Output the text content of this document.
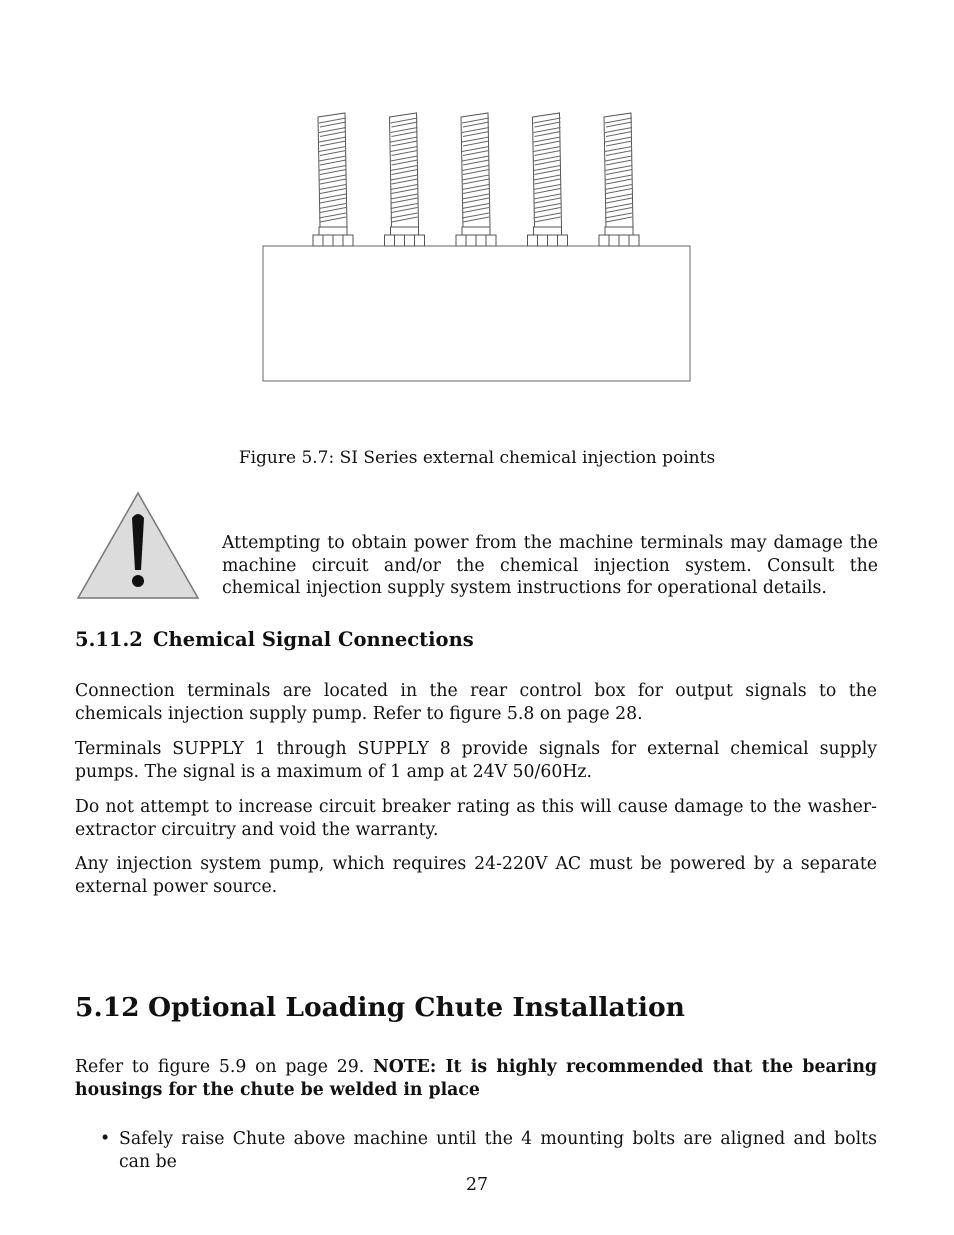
Figure 5.7: SI Series external chemical injection points
Attempting to obtain power from the machine terminals may damage the machine circuit and/or the chemical injection system. Consult the chemical injection supply system instructions for operational details.
5.11.2 Chemical Signal Connections
Connection terminals are located in the rear control box for output signals to the chemicals injection supply pump. Refer to figure 5.8 on page 28.
Terminals SUPPLY 1 through SUPPLY 8 provide signals for external chemical supply pumps. The signal is a maximum of 1 amp at 24V 50/60Hz.
Do not attempt to increase circuit breaker rating as this will cause damage to the washer-extractor circuitry and void the warranty.
Any injection system pump, which requires 24-220V AC must be powered by a separate external power source.
5.12 Optional Loading Chute Installation
Refer to figure 5.9 on page 29. NOTE: It is highly recommended that the bearing housings for the chute be welded in place
• Safely raise Chute above machine until the 4 mounting bolts are aligned and bolts can be
27
